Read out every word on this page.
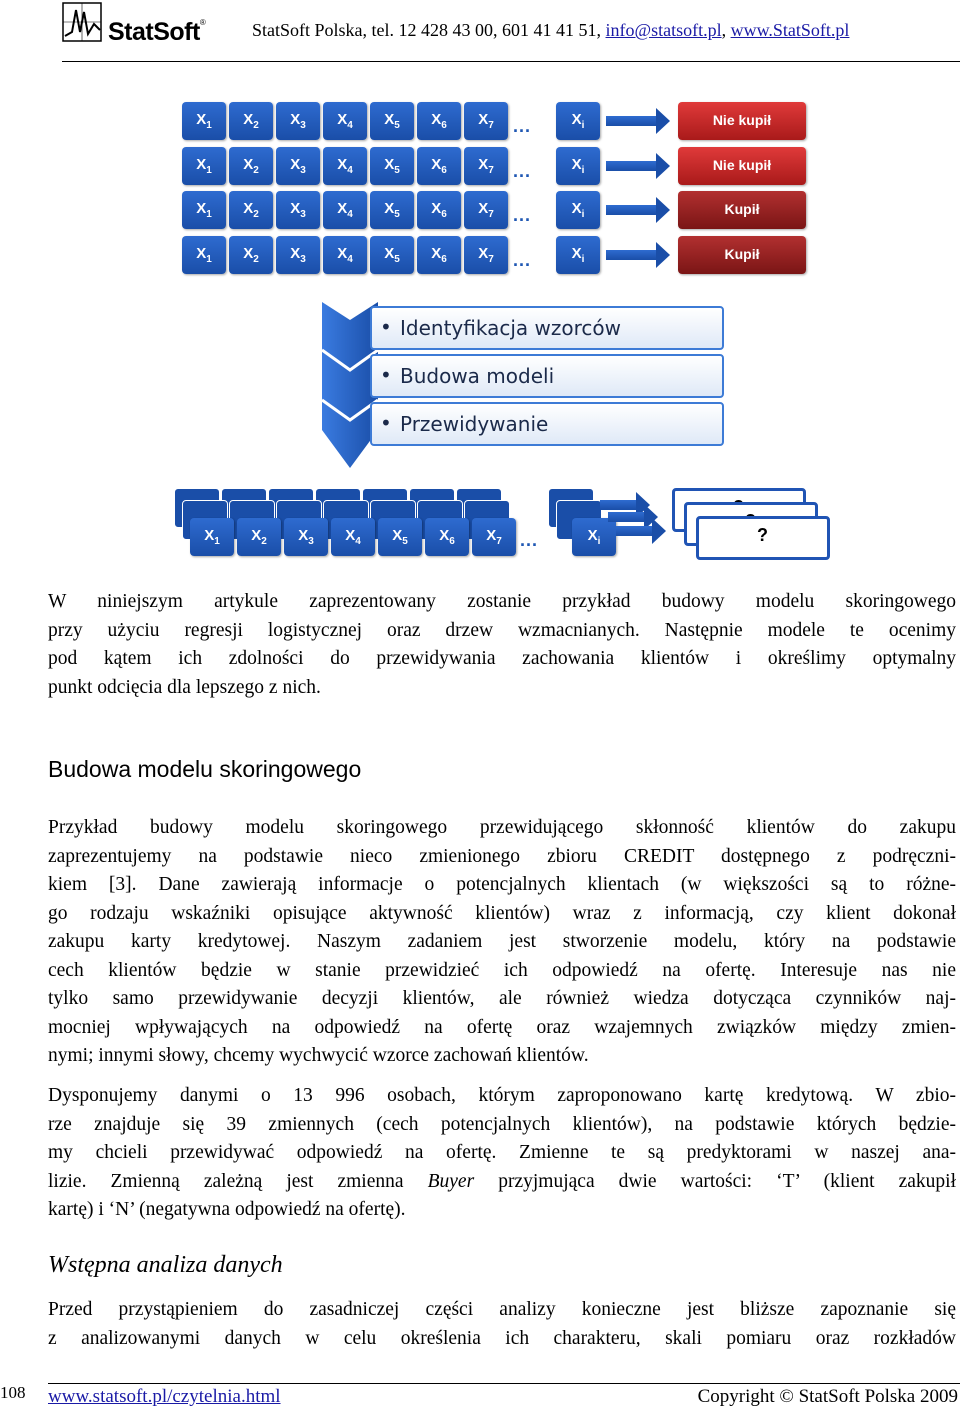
StatSoft®	StatSoft Polska, tel. 12 428 43 00, 601 41 41 51, info@statsoft.pl, www.StatSoft.pl
• Identyfikacja wzorców
• Budowa modeli
• Przewidywanie
$X_1$	$X_2$	$X_3$	$X_4$	$X_5$	$X_6$	$X_7$	...	$X_i$	Nie kupił
$X_1$	$X_2$	$X_3$	$X_4$	$X_5$	$X_6$	$X_7$	...	$X_i$	Nie kupił
$X_1$	$X_2$	$X_3$	$X_4$	$X_5$	$X_6$	$X_7$	...	$X_i$	Kupił
$X_1$	$X_2$	$X_3$	$X_4$	$X_5$	$X_6$	$X_7$	...	$X_i$	Kupił
$X_1$	$X_2$	$X_3$	$X_4$	$X_5$	$X_6$	$X_7$	...	$X_i$	?
W niniejszym artykule zaprezentowany zostanie przykład budowy modelu skoringowego
przy użyciu regresji logistycznej oraz drzew wzmacnianych. Następnie modele te ocenimy
pod kątem ich zdolności do przewidywania zachowania klientów i określimy optymalny
punkt odcięcia dla lepszego z nich.
Budowa modelu skoringowego
Przykład budowy modelu skoringowego przewidującego skłonność klientów do zakupu
zaprezentujemy na podstawie nieco zmienionego zbioru CREDIT dostępnego z podręczni-
kiem [3]. Dane zawierają informacje o potencjalnych klientach (w większości są to różne-
go rodzaju wskaźniki opisujące aktywność klientów) wraz z informacją, czy klient dokonał
zakupu karty kredytowej. Naszym zadaniem jest stworzenie modelu, który na podstawie
cech klientów będzie w stanie przewidzieć ich odpowiedź na ofertę. Interesuje nas nie
tylko samo przewidywanie decyzji klientów, ale również wiedza dotycząca czynników naj-
mocniej wpływających na odpowiedź na ofertę oraz wzajemnych związków między zmien-
nymi; innymi słowy, chcemy wychwycić wzorce zachowań klientów.
Dysponujemy danymi o 13 996 osobach, którym zaproponowano kartę kredytową. W zbio-
rze znajduje się 39 zmiennych (cech potencjalnych klientów), na podstawie których będzie-
my chcieli przewidywać odpowiedź na ofertę. Zmienne te są predyktorami w naszej ana-
lizie. Zmienną zależną jest zmienna Buyer przyjmująca dwie wartości: ‘T’ (klient zakupił
kartę) i ‘N’ (negatywna odpowiedź na ofertę).
Wstępna analiza danych
Przed przystąpieniem do zasadniczej części analizy konieczne jest bliższe zapoznanie się
z analizowanymi danych w celu określenia ich charakteru, skali pomiaru oraz rozkładów
108 www.statsoft.pl/czytelnia.html	Copyright © StatSoft Polska 2009
